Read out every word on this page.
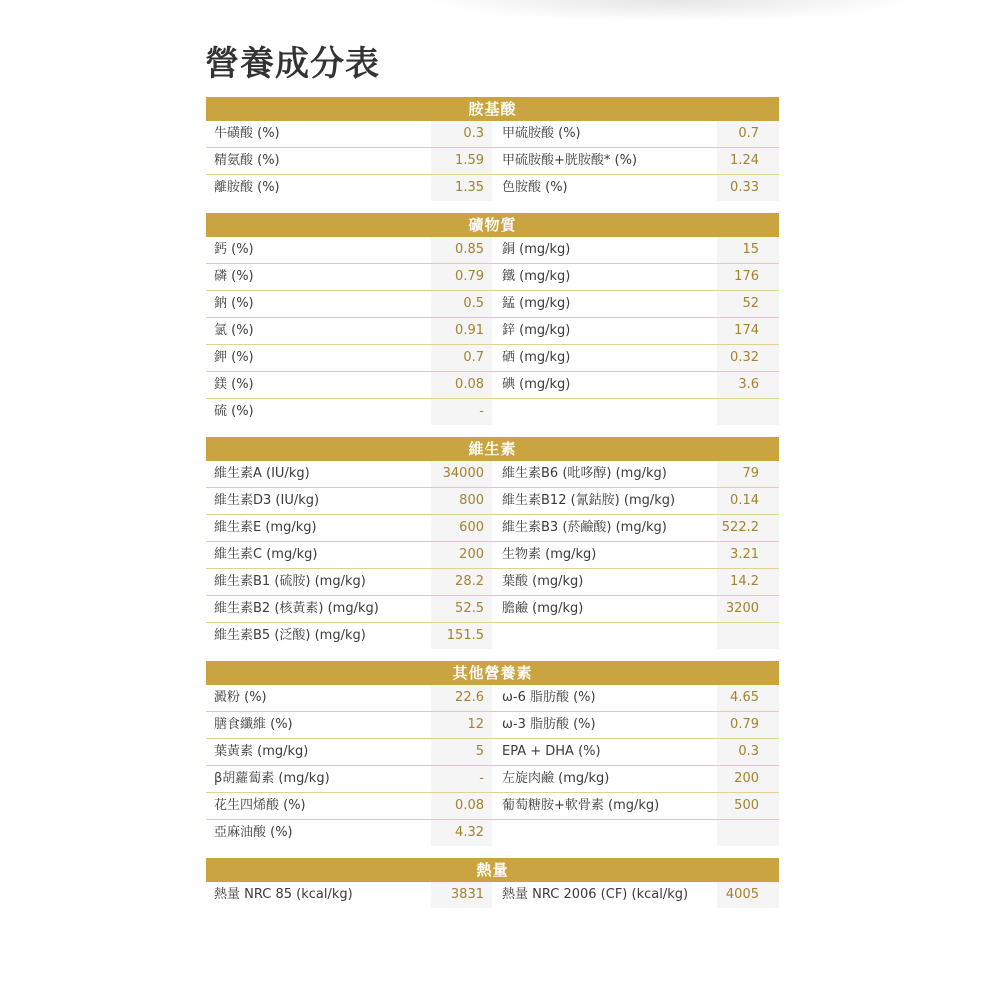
營養成分表
胺基酸
牛磺酸 (%)	0.3	甲硫胺酸 (%)	0.7
精氨酸 (%)	1.59	甲硫胺酸+胱胺酸* (%)	1.24
離胺酸 (%)	1.35	色胺酸 (%)	0.33
礦物質
鈣 (%)	0.85	銅 (mg/kg)	15
磷 (%)	0.79	鐵 (mg/kg)	176
鈉 (%)	0.5	錳 (mg/kg)	52
氯 (%)	0.91	鋅 (mg/kg)	174
鉀 (%)	0.7	硒 (mg/kg)	0.32
鎂 (%)	0.08	碘 (mg/kg)	3.6
硫 (%)	-
維生素
維生素A (IU/kg)	34000	維生素B6 (吡哆醇) (mg/kg)	79
維生素D3 (IU/kg)	800	維生素B12 (氰鈷胺) (mg/kg)	0.14
維生素E (mg/kg)	600	維生素B3 (菸鹼酸) (mg/kg)	522.2
維生素C (mg/kg)	200	生物素 (mg/kg)	3.21
維生素B1 (硫胺) (mg/kg)	28.2	葉酸 (mg/kg)	14.2
維生素B2 (核黃素) (mg/kg)	52.5	膽鹼 (mg/kg)	3200
維生素B5 (泛酸) (mg/kg)	151.5
其他營養素
澱粉 (%)	22.6	ω-6 脂肪酸 (%)	4.65
膳食纖維 (%)	12	ω-3 脂肪酸 (%)	0.79
葉黃素 (mg/kg)	5	EPA + DHA (%)	0.3
β胡蘿蔔素 (mg/kg)	-	左旋肉鹼 (mg/kg)	200
花生四烯酸 (%)	0.08	葡萄糖胺+軟骨素 (mg/kg)	500
亞麻油酸 (%)	4.32
熱量
熱量 NRC 85 (kcal/kg)	3831	熱量 NRC 2006 (CF) (kcal/kg)	4005
